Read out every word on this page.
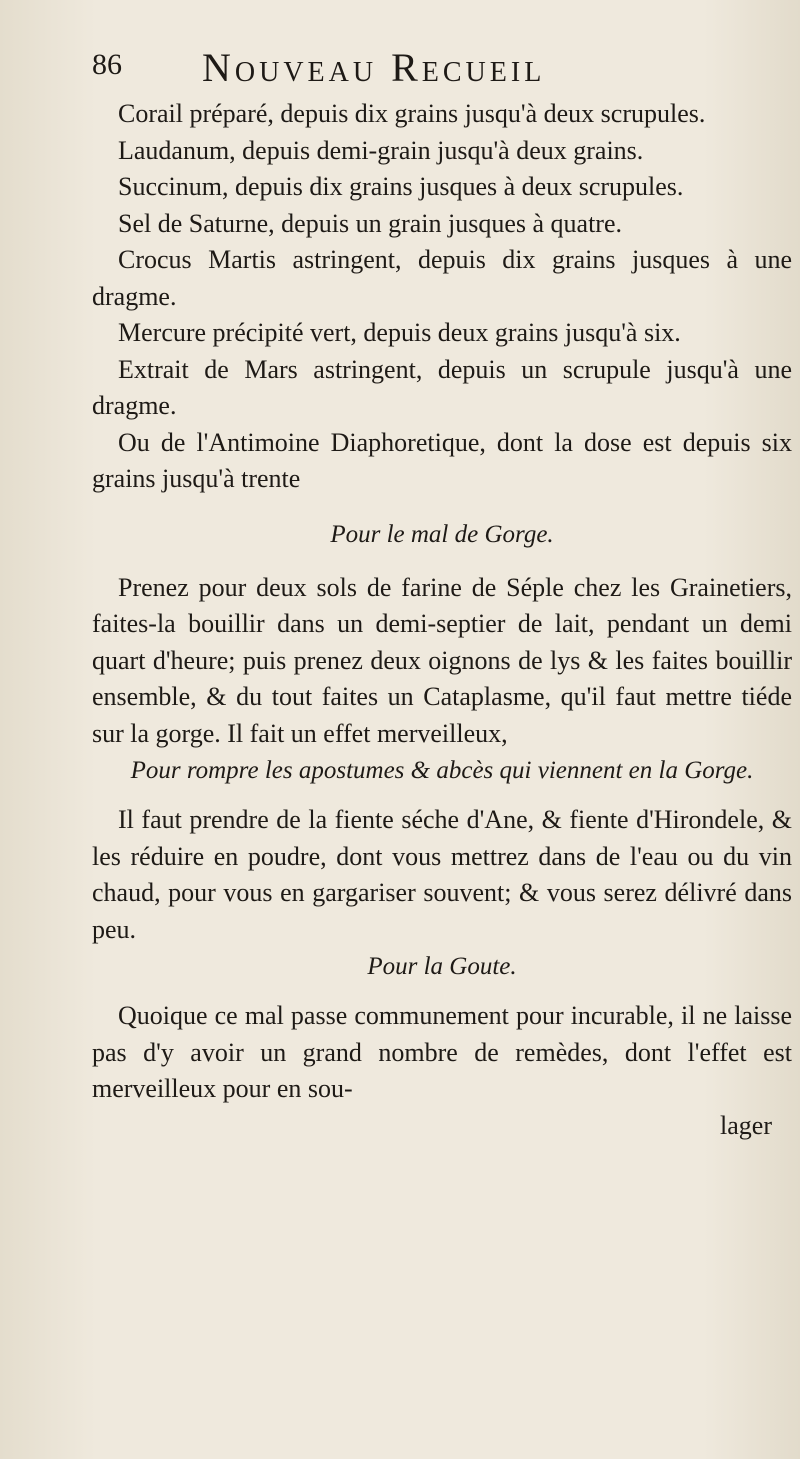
86 Nouveau Recueil

Corail préparé, depuis dix grains jusqu'à deux scrupules.

Laudanum, depuis demi-grain jusqu'à deux grains.

Succinum, depuis dix grains jusques à deux scrupules.

Sel de Saturne, depuis un grain jusques à quatre.

Crocus Martis astringent, depuis dix grains jusques à une dragme.

Mercure précipité vert, depuis deux grains jusqu'à six.

Extrait de Mars astringent, depuis un scrupule jusqu'à une dragme.

Ou de l'Antimoine Diaphoretique, dont la dose est depuis six grains jusqu'à trente

Pour le mal de Gorge.

Prenez pour deux sols de farine de Séple chez les Grainetiers, faites-la bouillir dans un demi-septier de lait, pendant un demi quart d'heure; puis prenez deux oignons de lys & les faites bouillir ensemble, & du tout faites un Cataplasme, qu'il faut mettre tiéde sur la gorge. Il fait un effet merveilleux,

Pour rompre les apostumes & abcès qui viennent en la Gorge.

Il faut prendre de la fiente séche d'Ane, & fiente d'Hirondele, & les réduire en poudre, dont vous mettrez dans de l'eau ou du vin chaud, pour vous en gargariser souvent; & vous serez délivré dans peu.

Pour la Goute.

Quoique ce mal passe communement pour incurable, il ne laisse pas d'y avoir un grand nombre de remèdes, dont l'effet est merveilleux pour en sou-

lager
